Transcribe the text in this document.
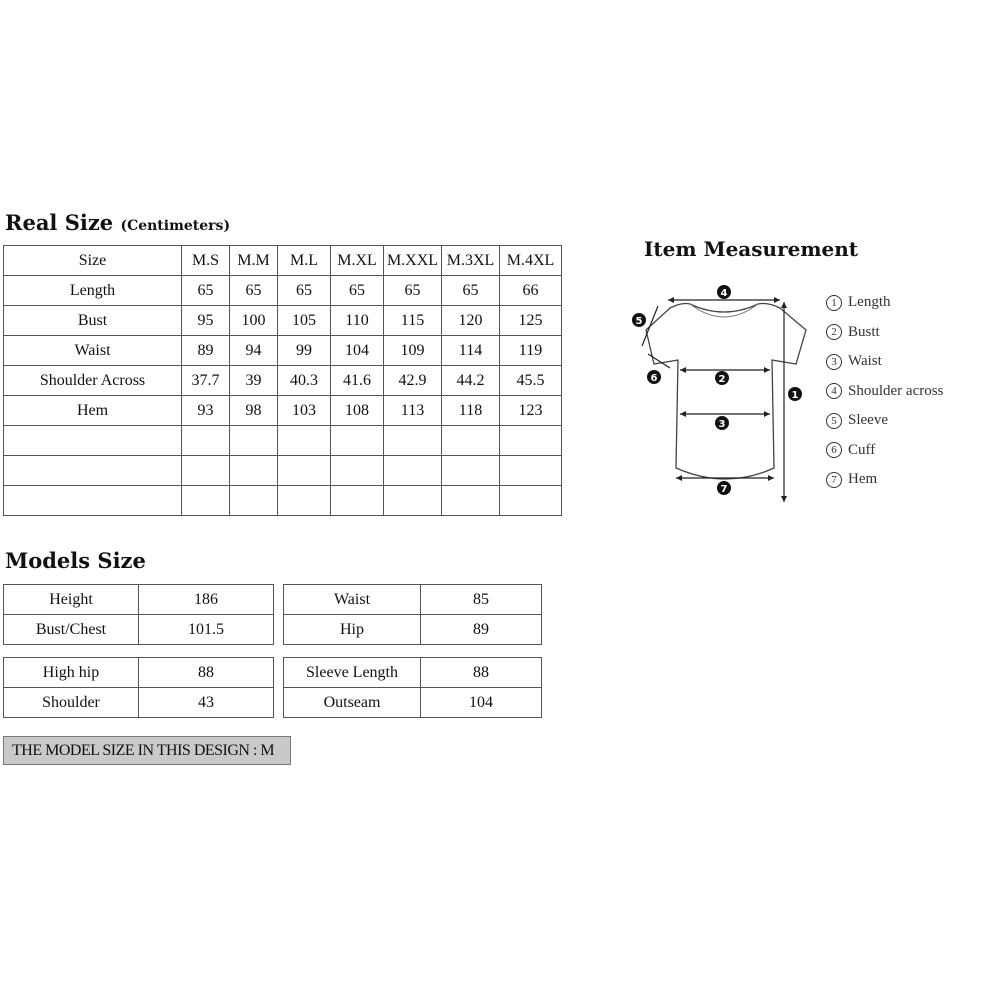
Real Size (Centimeters)
Size	M.S	M.M	M.L	M.XL	M.XXL	M.3XL	M.4XL
Length	65	65	65	65	65	65	66
Bust	95	100	105	110	115	120	125
Waist	89	94	99	104	109	114	119
Shoulder Across	37.7	39	40.3	41.6	42.9	44.2	45.5
Hem	93	98	103	108	113	118	123

Item Measurement
4
5
6	2
3
7
1
1 Length
2 Bustt
3 Waist
4 Shoulder across
5 Sleeve
6 Cuff
7 Hem
Models Size
Height	186
Bust/Chest	101.5
Waist	85
Hip	89
High hip	88
Shoulder	43
Sleeve Length	88
Outseam	104
THE MODEL SIZE IN THIS DESIGN : M
